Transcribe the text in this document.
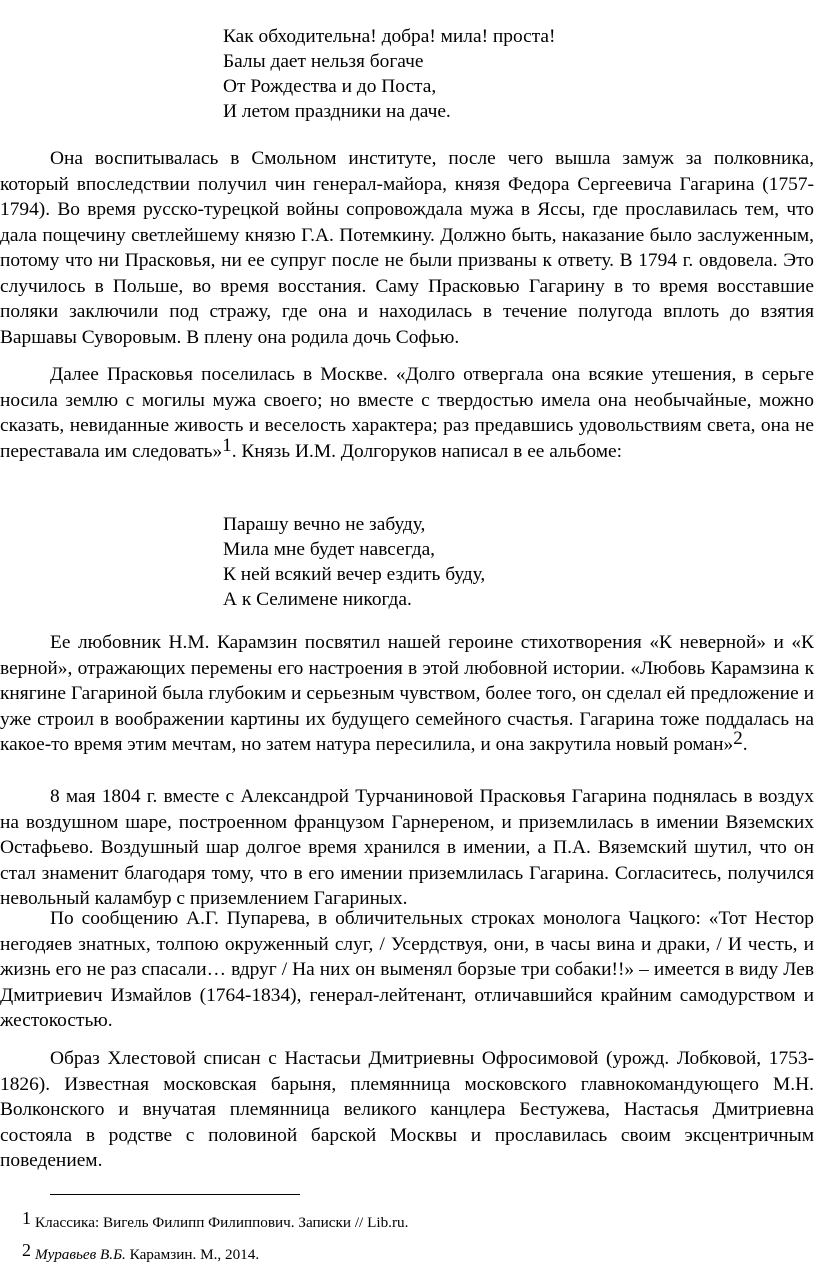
Как обходительна! добра! мила! проста!
Балы дает нельзя богаче
От Рождества и до Поста,
И летом праздники на даче.

Она воспитывалась в Смольном институте, после чего вышла замуж за полковника, который впоследствии получил чин генерал-майора, князя Федора Сергеевича Гагарина (1757-1794). Во время русско-турецкой войны сопровождала мужа в Яссы, где прославилась тем, что дала пощечину светлейшему князю Г.А. Потемкину. Должно быть, наказание было заслуженным, потому что ни Прасковья, ни ее супруг после не были призваны к ответу. В 1794 г. овдовела. Это случилось в Польше, во время восстания. Саму Прасковью Гагарину в то время восставшие поляки заключили под стражу, где она и находилась в течение полугода вплоть до взятия Варшавы Суворовым. В плену она родила дочь Софью.

Далее Прасковья поселилась в Москве. «Долго отвергала она всякие утешения, в серьге носила землю с могилы мужа своего; но вместе с твердостью имела она необычайные, можно сказать, невиданные живость и веселость характера; раз предавшись удовольствиям света, она не переставала им следовать»1. Князь И.М. Долгоруков написал в ее альбоме:

Парашу вечно не забуду,
Мила мне будет навсегда,
К ней всякий вечер ездить буду,
А к Селимене никогда.

Ее любовник Н.М. Карамзин посвятил нашей героине стихотворения «К неверной» и «К верной», отражающих перемены его настроения в этой любовной истории. «Любовь Карамзина к княгине Гагариной была глубоким и серьезным чувством, более того, он сделал ей предложение и уже строил в воображении картины их будущего семейного счастья. Гагарина тоже поддалась на какое-то время этим мечтам, но затем натура пересилила, и она закрутила новый роман»2.

8 мая 1804 г. вместе с Александрой Турчаниновой Прасковья Гагарина поднялась в воздух на воздушном шаре, построенном французом Гарнереном, и приземлилась в имении Вяземских Остафьево. Воздушный шар долгое время хранился в имении, а П.А. Вяземский шутил, что он стал знаменит благодаря тому, что в его имении приземлилась Гагарина. Согласитесь, получился невольный каламбур с приземлением Гагариных.

По сообщению А.Г. Пупарева, в обличительных строках монолога Чацкого: «Тот Нестор негодяев знатных, толпою окруженный слуг, / Усердствуя, они, в часы вина и драки, / И честь, и жизнь его не раз спасали… вдруг / На них он выменял борзые три собаки!!» – имеется в виду Лев Дмитриевич Измайлов (1764-1834), генерал-лейтенант, отличавшийся крайним самодурством и жестокостью.

Образ Хлестовой списан с Настасьи Дмитриевны Офросимовой (урожд. Лобковой, 1753-1826). Известная московская барыня, племянница московского главнокомандующего М.Н. Волконского и внучатая племянница великого канцлера Бестужева, Настасья Дмитриевна состояла в родстве с половиной барской Москвы и прославилась своим эксцентричным поведением.

1 Классика: Вигель Филипп Филиппович. Записки // Lib.ru.
2 Муравьев В.Б. Карамзин. М., 2014.
